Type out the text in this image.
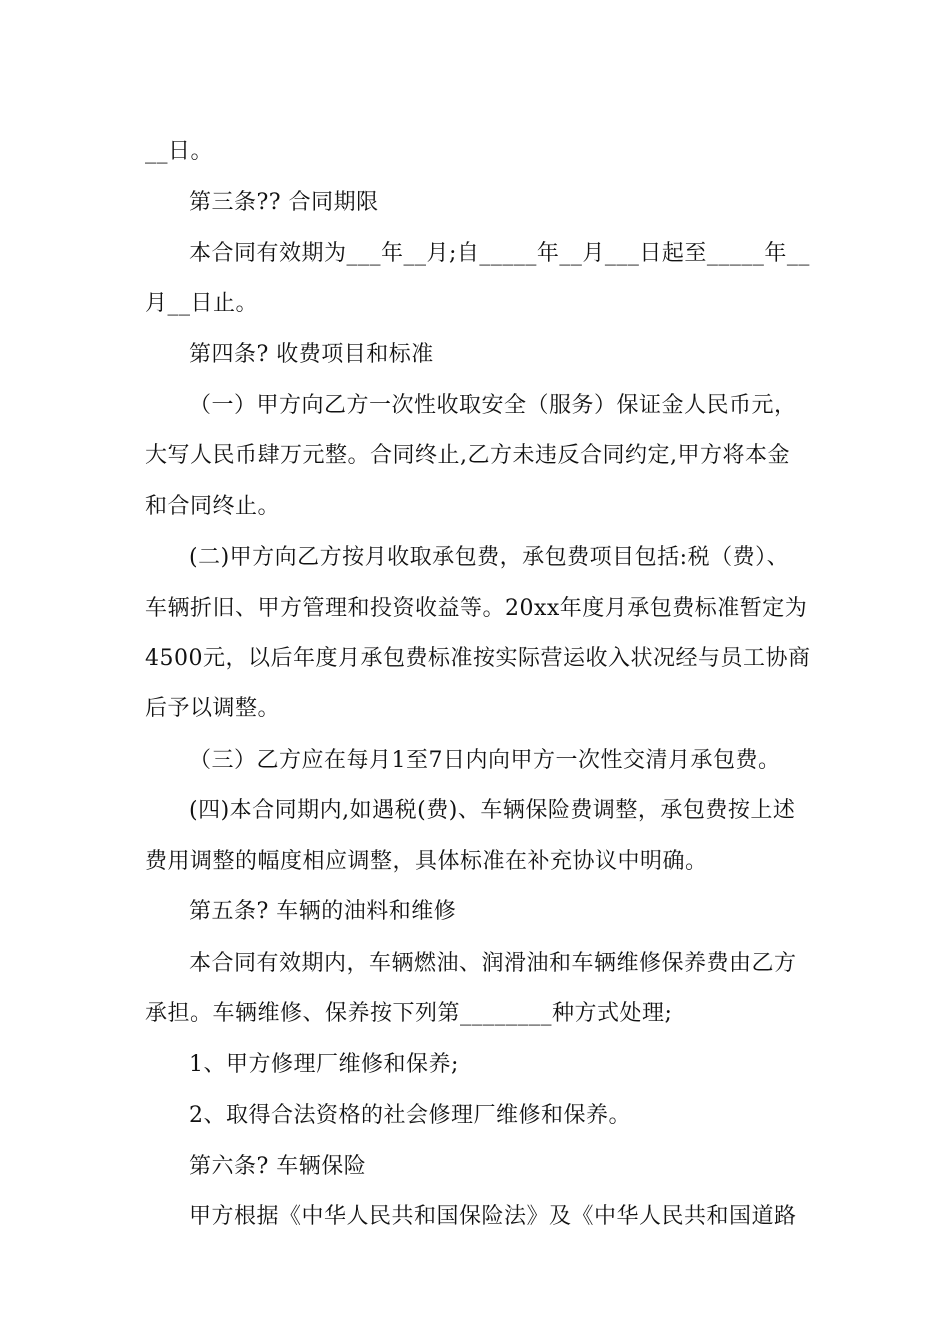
__日。
第三条?? 合同期限
本合同有效期为___年__月;自_____年__月___日起至_____年__
月__日止。
第四条? 收费项目和标准
（一）甲方向乙方一次性收取安全（服务）保证金人民币元，
大写人民币肆万元整。合同终止,乙方未违反合同约定,甲方将本金
和合同终止。
(二)甲方向乙方按月收取承包费，承包费项目包括:税（费）、
车辆折旧、甲方管理和投资收益等。20xx年度月承包费标准暂定为
4500元，以后年度月承包费标准按实际营运收入状况经与员工协商
后予以调整。
（三）乙方应在每月1至7日内向甲方一次性交清月承包费。
(四)本合同期内,如遇税(费)、车辆保险费调整，承包费按上述
费用调整的幅度相应调整，具体标准在补充协议中明确。
第五条? 车辆的油料和维修
本合同有效期内，车辆燃油、润滑油和车辆维修保养费由乙方
承担。车辆维修、保养按下列第________种方式处理;
1、甲方修理厂维修和保养;
2、取得合法资格的社会修理厂维修和保养。
第六条? 车辆保险
甲方根据《中华人民共和国保险法》及《中华人民共和国道路
